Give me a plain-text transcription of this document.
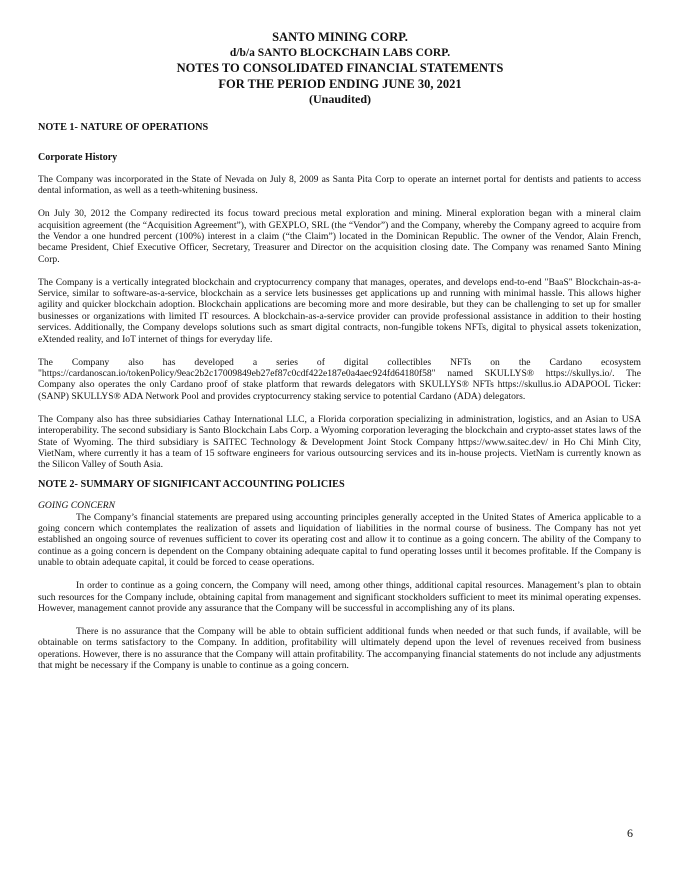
SANTO MINING CORP.
d/b/a SANTO BLOCKCHAIN LABS CORP.
NOTES TO CONSOLIDATED FINANCIAL STATEMENTS
FOR THE PERIOD ENDING JUNE 30, 2021
(Unaudited)
NOTE 1- NATURE OF OPERATIONS
Corporate History

The Company was incorporated in the State of Nevada on July 8, 2009 as Santa Pita Corp to operate an internet portal for dentists and patients to access dental information, as well as a teeth-whitening business.

On July 30, 2012 the Company redirected its focus toward precious metal exploration and mining. Mineral exploration began with a mineral claim acquisition agreement (the “Acquisition Agreement”), with GEXPLO, SRL (the “Vendor”) and the Company, whereby the Company agreed to acquire from the Vendor a one hundred percent (100%) interest in a claim (“the Claim”) located in the Dominican Republic. The owner of the Vendor, Alain French, became President, Chief Executive Officer, Secretary, Treasurer and Director on the acquisition closing date. The Company was renamed Santo Mining Corp.

The Company is a vertically integrated blockchain and cryptocurrency company that manages, operates, and develops end-to-end "BaaS" Blockchain-as-a-Service, similar to software-as-a-service, blockchain as a service lets businesses get applications up and running with minimal hassle. This allows higher agility and quicker blockchain adoption. Blockchain applications are becoming more and more desirable, but they can be challenging to set up for smaller businesses or organizations with limited IT resources. A blockchain-as-a-service provider can provide professional assistance in addition to their hosting services. Additionally, the Company develops solutions such as smart digital contracts, non-fungible tokens NFTs, digital to physical assets tokenization, eXtended reality, and IoT internet of things for everyday life.

The Company also has developed a series of digital collectibles NFTs on the Cardano ecosystem "https://cardanoscan.io/tokenPolicy/9eac2b2c17009849eb27ef87c0cdf422e187e0a4aec924fd64180f58" named SKULLYS® https://skullys.io/. The Company also operates the only Cardano proof of stake platform that rewards delegators with SKULLYS® NFTs https://skullus.io ADAPOOL Ticker: (SANP) SKULLYS® ADA Network Pool and provides cryptocurrency staking service to potential Cardano (ADA) delegators.

The Company also has three subsidiaries Cathay International LLC, a Florida corporation specializing in administration, logistics, and an Asian to USA interoperability. The second subsidiary is Santo Blockchain Labs Corp. a Wyoming corporation leveraging the blockchain and crypto-asset states laws of the State of Wyoming. The third subsidiary is SAITEC Technology & Development Joint Stock Company https://www.saitec.dev/ in Ho Chi Minh City, VietNam, where currently it has a team of 15 software engineers for various outsourcing services and its in-house projects. VietNam is currently known as the Silicon Valley of South Asia.

NOTE 2- SUMMARY OF SIGNIFICANT ACCOUNTING POLICIES

GOING CONCERN

The Company’s financial statements are prepared using accounting principles generally accepted in the United States of America applicable to a going concern which contemplates the realization of assets and liquidation of liabilities in the normal course of business. The Company has not yet established an ongoing source of revenues sufficient to cover its operating cost and allow it to continue as a going concern. The ability of the Company to continue as a going concern is dependent on the Company obtaining adequate capital to fund operating losses until it becomes profitable. If the Company is unable to obtain adequate capital, it could be forced to cease operations.

In order to continue as a going concern, the Company will need, among other things, additional capital resources. Management’s plan to obtain such resources for the Company include, obtaining capital from management and significant stockholders sufficient to meet its minimal operating expenses. However, management cannot provide any assurance that the Company will be successful in accomplishing any of its plans.

There is no assurance that the Company will be able to obtain sufficient additional funds when needed or that such funds, if available, will be obtainable on terms satisfactory to the Company. In addition, profitability will ultimately depend upon the level of revenues received from business operations. However, there is no assurance that the Company will attain profitability. The accompanying financial statements do not include any adjustments that might be necessary if the Company is unable to continue as a going concern.

6
